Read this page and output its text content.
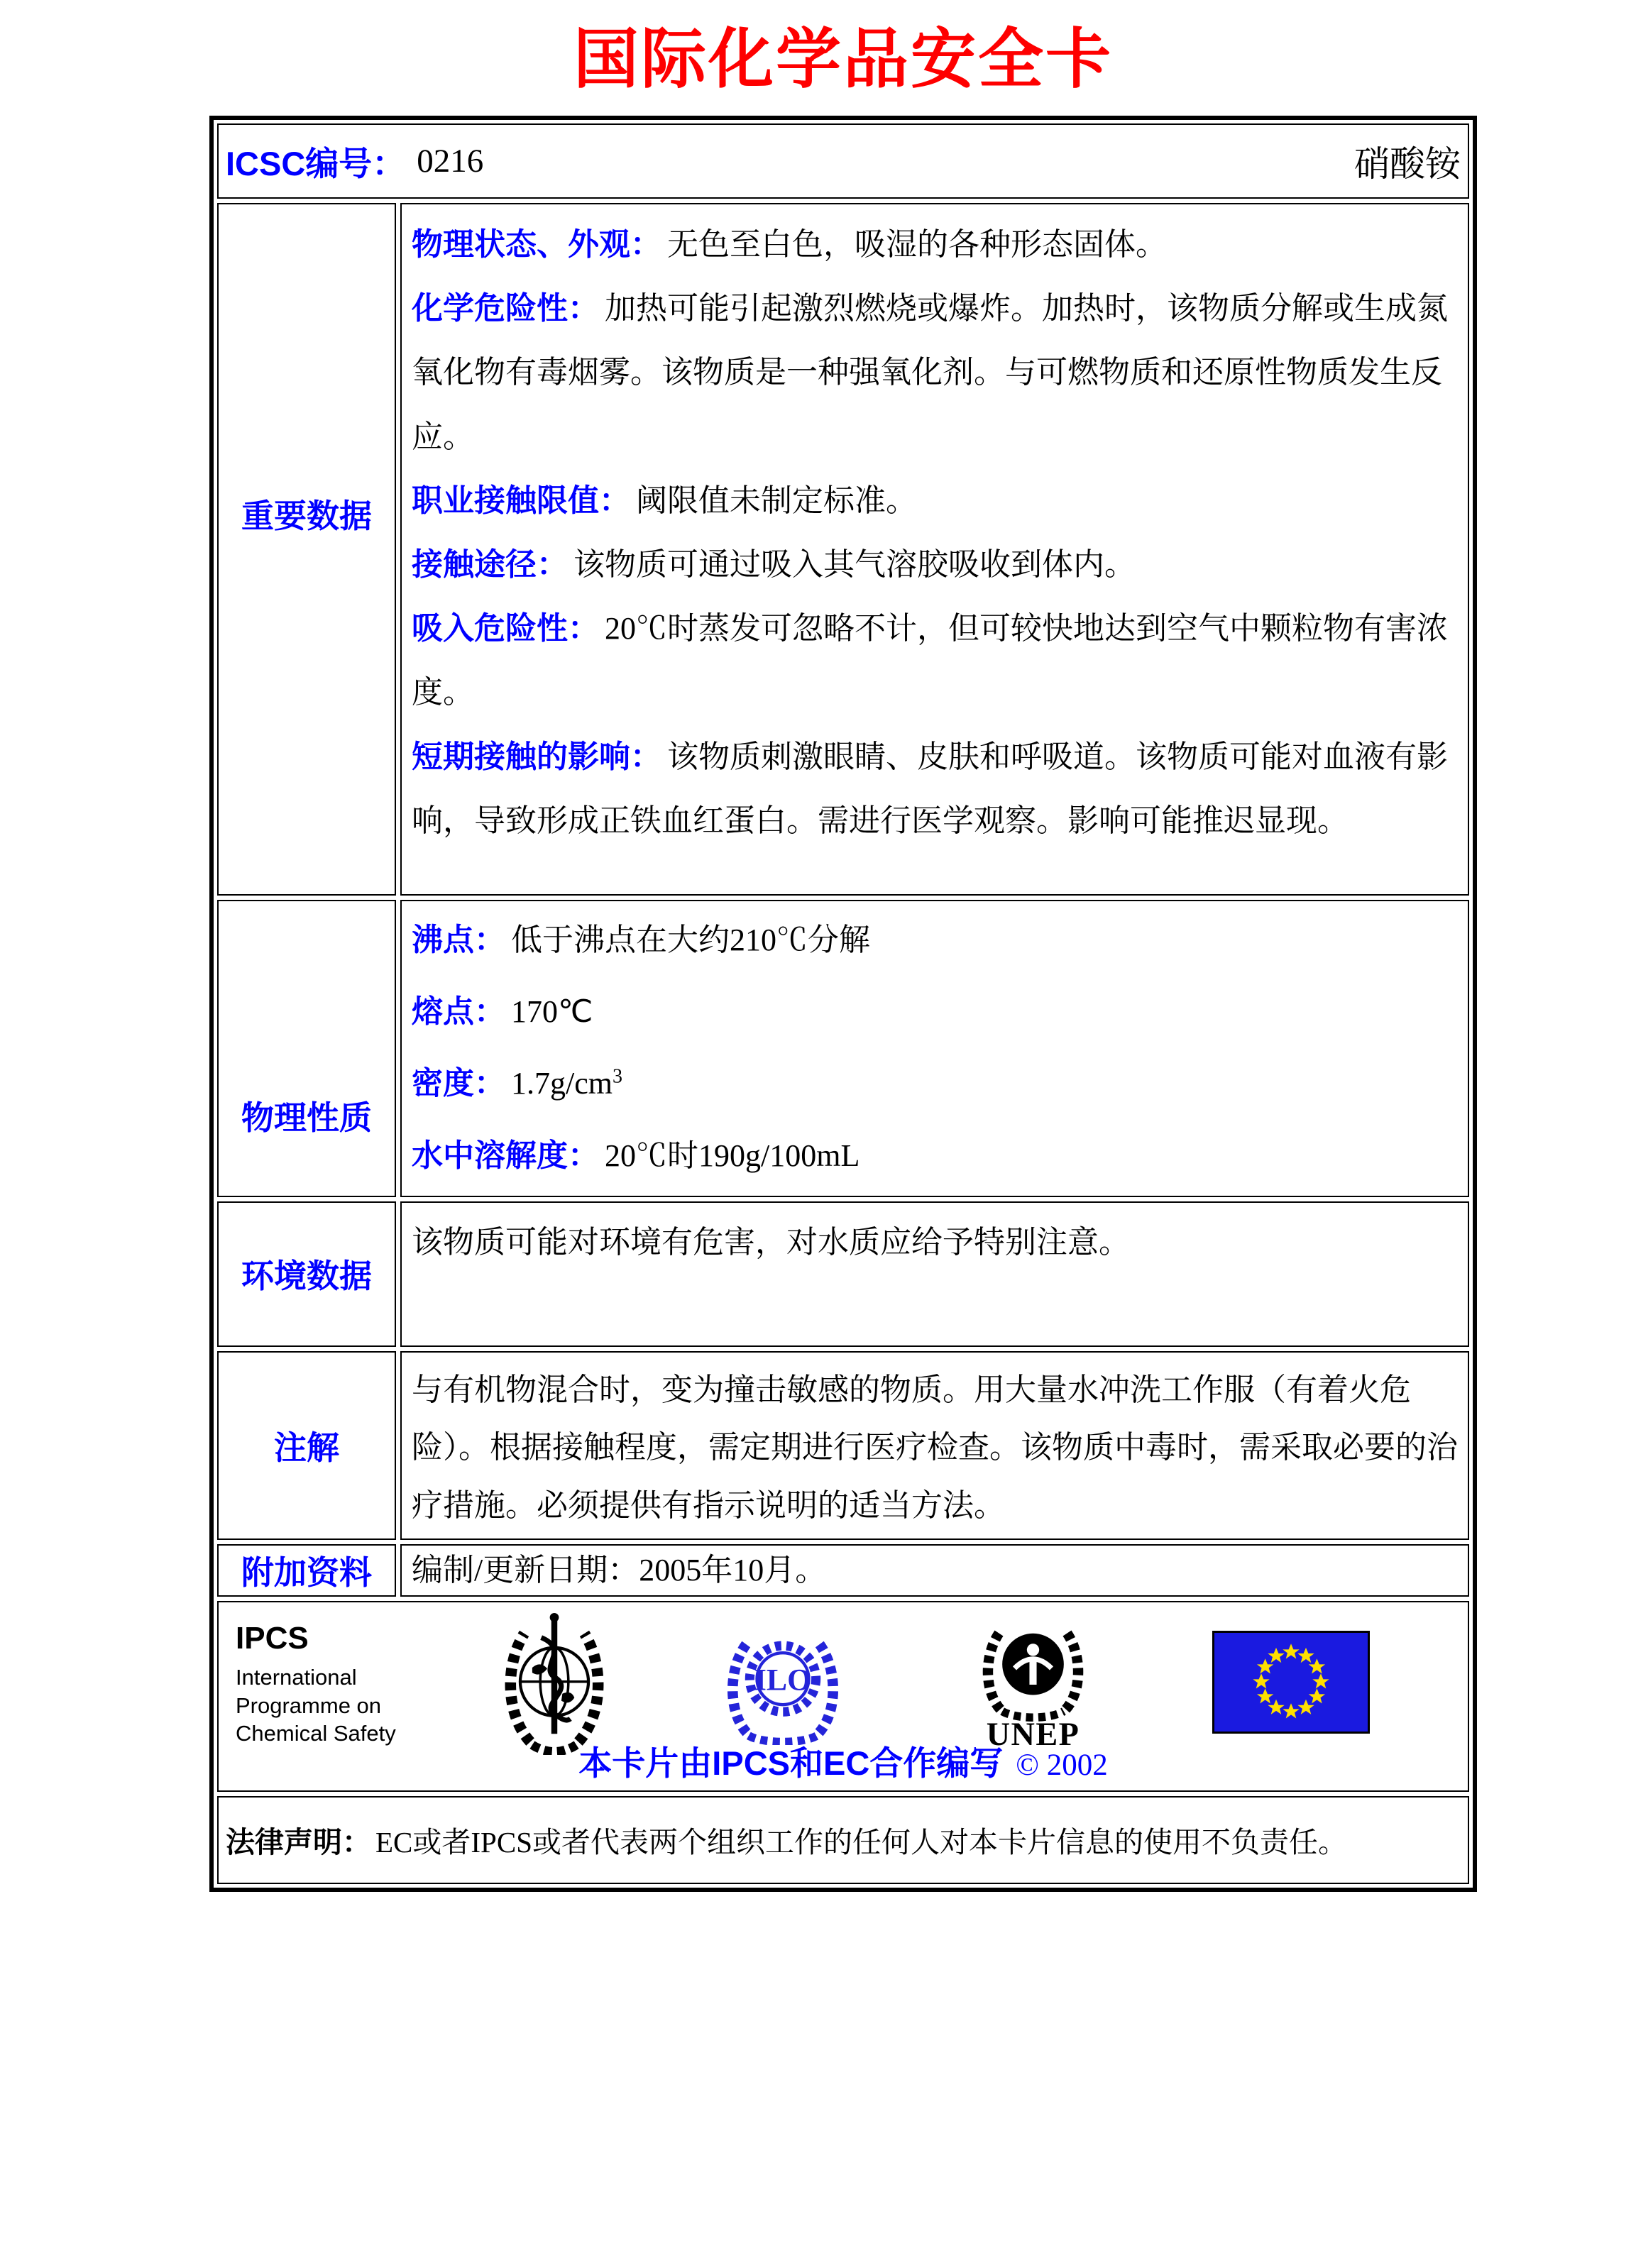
国际化学品安全卡
ICSC编号： 0216	硝酸铵
重要数据
物理状态、外观： 无色至白色，吸湿的各种形态固体。
化学危险性： 加热可能引起激烈燃烧或爆炸。加热时，该物质分解或生成氮氧化物有毒烟雾。该物质是一种强氧化剂。与可燃物质和还原性物质发生反应。
职业接触限值： 阈限值未制定标准。
接触途径： 该物质可通过吸入其气溶胶吸收到体内。
吸入危险性： 20℃时蒸发可忽略不计，但可较快地达到空气中颗粒物有害浓度。
短期接触的影响： 该物质刺激眼睛、皮肤和呼吸道。该物质可能对血液有影响，导致形成正铁血红蛋白。需进行医学观察。影响可能推迟显现。
物理性质
沸点： 低于沸点在大约210℃分解
熔点： 170℃
密度： $1.7g/cm^3$
水中溶解度： 20℃时190g/100mL
环境数据
该物质可能对环境有危害，对水质应给予特别注意。
注解
与有机物混合时，变为撞击敏感的物质。用大量水冲洗工作服（有着火危险）。根据接触程度，需定期进行医疗检查。该物质中毒时，需采取必要的治疗措施。必须提供有指示说明的适当方法。
附加资料	编制/更新日期：2005年10月。
IPCS
International
Programme on
Chemical Safety
ILO
UNEP
本卡片由IPCS和EC合作编写 © 2002
法律声明： EC或者IPCS或者代表两个组织工作的任何人对本卡片信息的使用不负责任。
